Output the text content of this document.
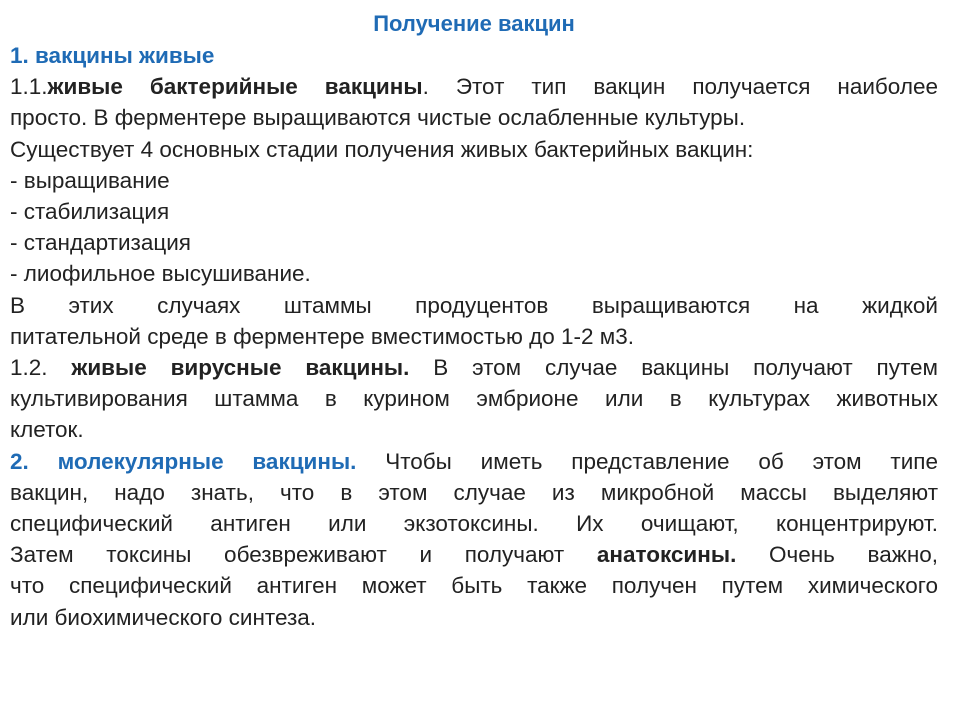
Получение вакцин
1. вакцины живые
1.1.живые бактерийные вакцины. Этот тип вакцин получается наиболее
просто. В ферментере выращиваются чистые ослабленные культуры.
Существует 4 основных стадии получения живых бактерийных вакцин:
- выращивание
- стабилизация
- стандартизация
- лиофильное высушивание.
В этих случаях штаммы продуцентов выращиваются на жидкой
питательной среде в ферментере вместимостью до 1-2 м3.
1.2. живые вирусные вакцины. В этом случае вакцины получают путем
культивирования штамма в курином эмбрионе или в культурах животных
клеток.
2. молекулярные вакцины. Чтобы иметь представление об этом типе
вакцин, надо знать, что в этом случае из микробной массы выделяют
специфический антиген или экзотоксины. Их очищают, концентрируют.
Затем токсины обезвреживают и получают анатоксины. Очень важно,
что специфический антиген может быть также получен путем химического
или биохимического синтеза.
